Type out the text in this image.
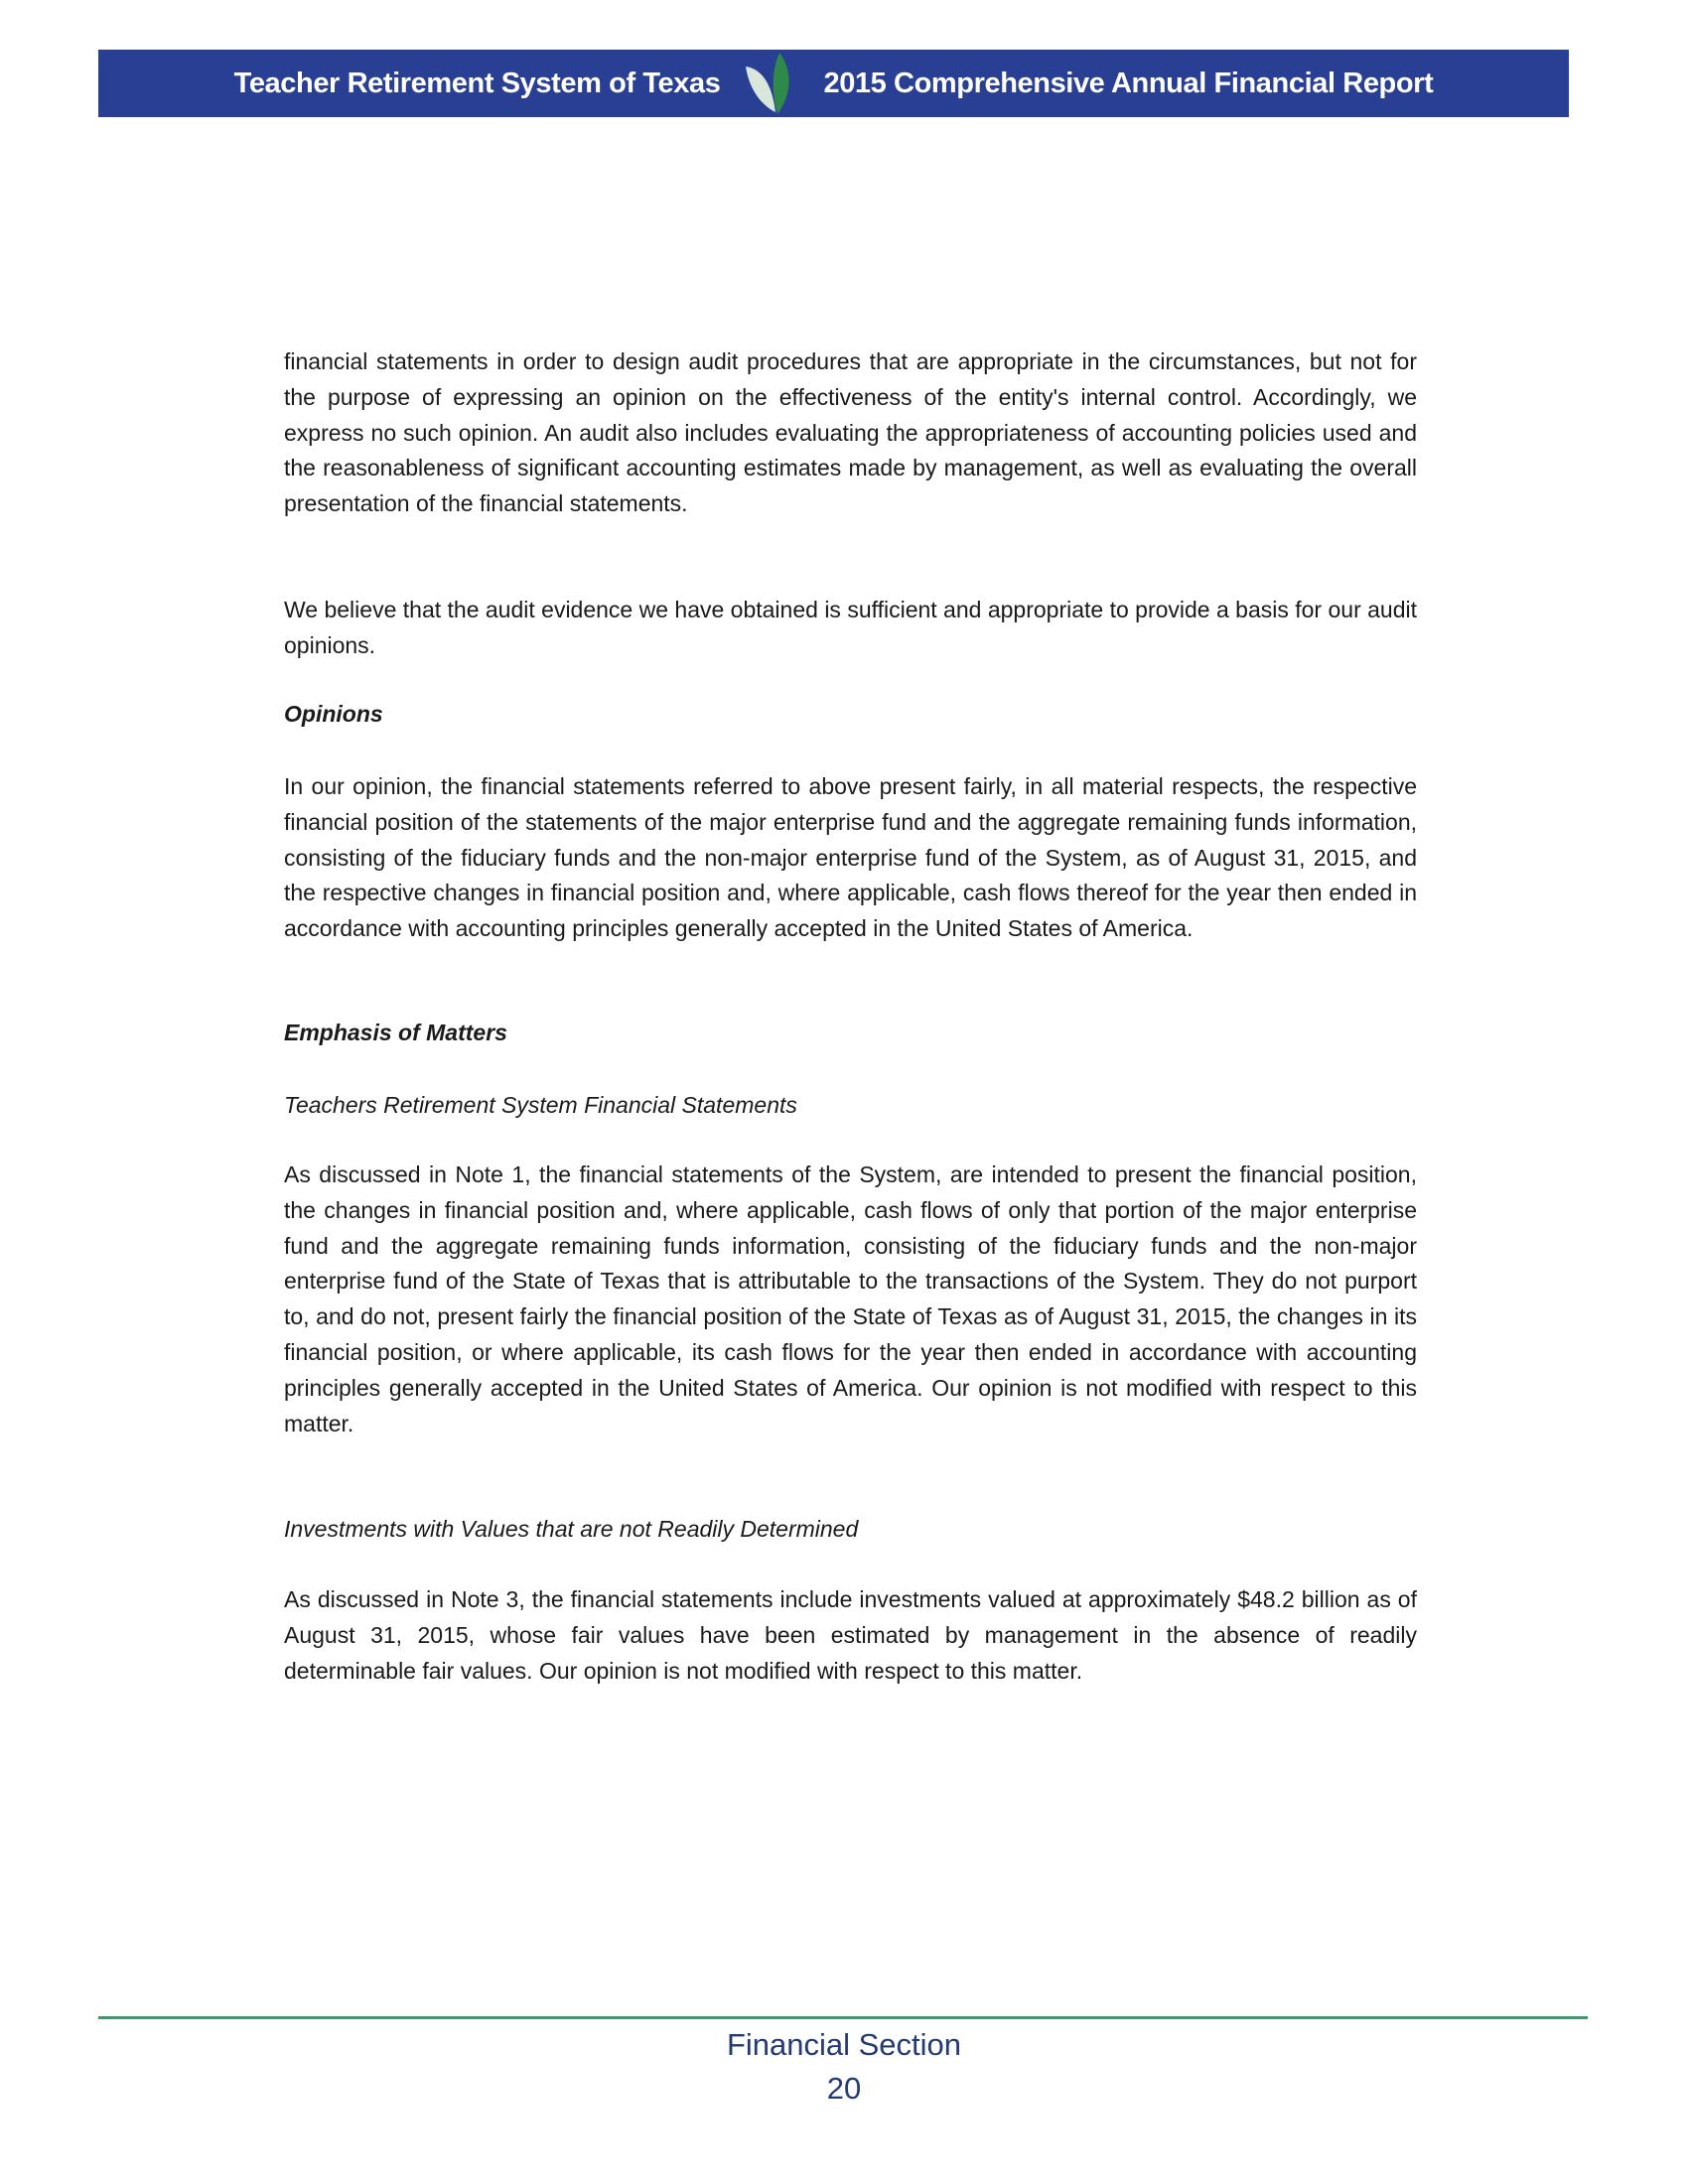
Teacher Retirement System of Texas	2015 Comprehensive Annual Financial Report
financial statements in order to design audit procedures that are appropriate in the circumstances, but not for the purpose of expressing an opinion on the effectiveness of the entity's internal control. Accordingly, we express no such opinion. An audit also includes evaluating the appropriateness of accounting policies used and the reasonableness of significant accounting estimates made by management, as well as evaluating the overall presentation of the financial statements.
We believe that the audit evidence we have obtained is sufficient and appropriate to provide a basis for our audit opinions.
Opinions
In our opinion, the financial statements referred to above present fairly, in all material respects, the respective financial position of the statements of the major enterprise fund and the aggregate remaining funds information, consisting of the fiduciary funds and the non-major enterprise fund of the System, as of August 31, 2015, and the respective changes in financial position and, where applicable, cash flows thereof for the year then ended in accordance with accounting principles generally accepted in the United States of America.
Emphasis of Matters
Teachers Retirement System Financial Statements
As discussed in Note 1, the financial statements of the System, are intended to present the financial position, the changes in financial position and, where applicable, cash flows of only that portion of the major enterprise fund and the aggregate remaining funds information, consisting of the fiduciary funds and the non-major enterprise fund of the State of Texas that is attributable to the transactions of the System. They do not purport to, and do not, present fairly the financial position of the State of Texas as of August 31, 2015, the changes in its financial position, or where applicable, its cash flows for the year then ended in accordance with accounting principles generally accepted in the United States of America. Our opinion is not modified with respect to this matter.
Investments with Values that are not Readily Determined
As discussed in Note 3, the financial statements include investments valued at approximately $48.2 billion as of August 31, 2015, whose fair values have been estimated by management in the absence of readily determinable fair values. Our opinion is not modified with respect to this matter.
Financial Section
20
